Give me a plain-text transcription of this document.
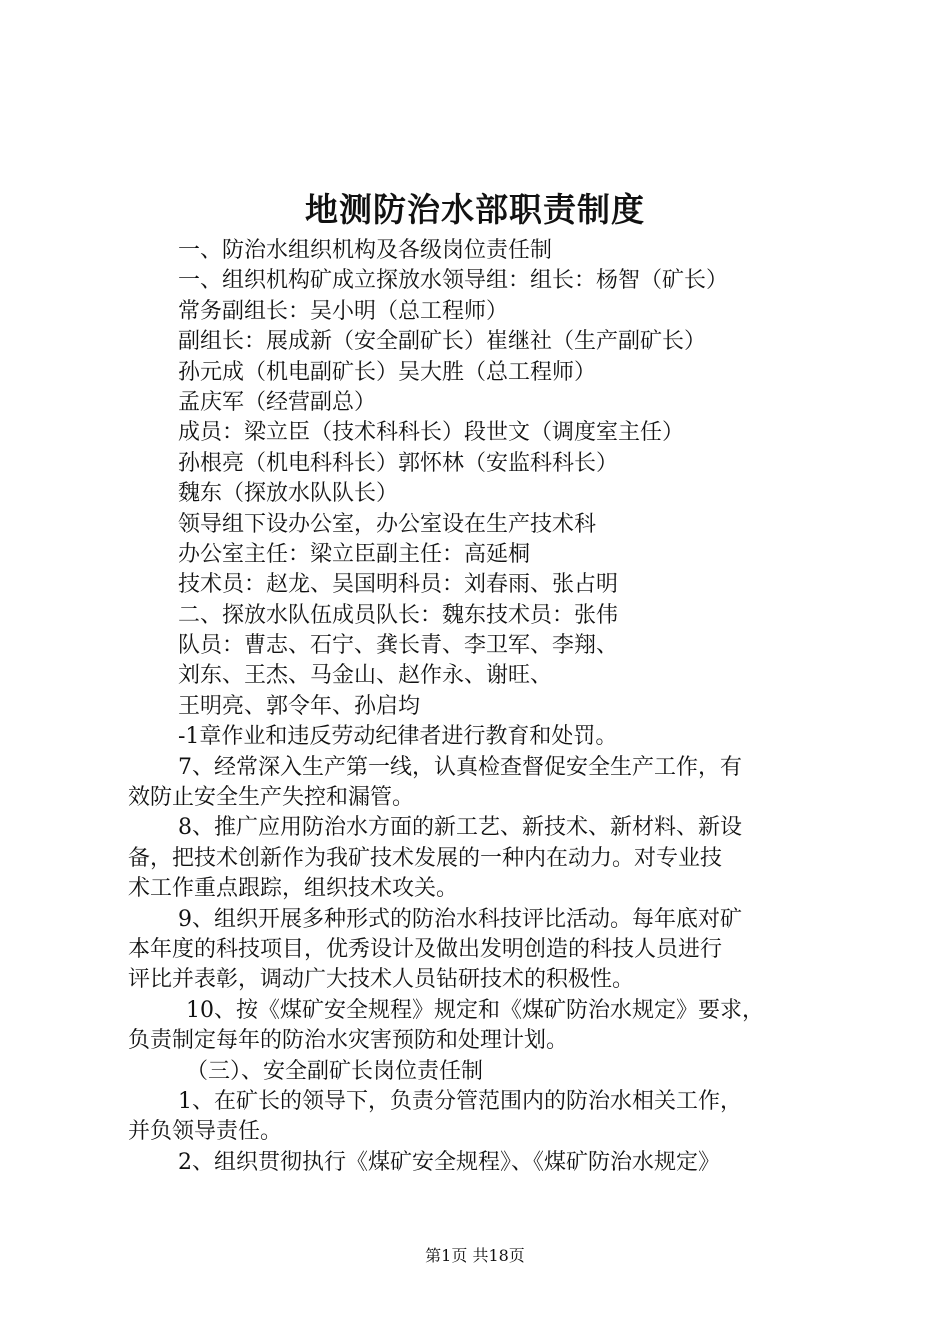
地测防治水部职责制度
一、防治水组织机构及各级岗位责任制
一、组织机构矿成立探放水领导组：组长：杨智（矿长）
常务副组长：吴小明（总工程师）
副组长：展成新（安全副矿长）崔继社（生产副矿长）
孙元成（机电副矿长）吴大胜（总工程师）
孟庆军（经营副总）
成员：梁立臣（技术科科长）段世文（调度室主任）
孙根亮（机电科科长）郭怀林（安监科科长）
魏东（探放水队队长）
领导组下设办公室，办公室设在生产技术科
办公室主任：梁立臣副主任：高延桐
技术员：赵龙、吴国明科员：刘春雨、张占明
二、探放水队伍成员队长：魏东技术员：张伟
队员：曹志、石宁、龚长青、李卫军、李翔、
刘东、王杰、马金山、赵作永、谢旺、
王明亮、郭令年、孙启均
-1章作业和违反劳动纪律者进行教育和处罚。
7、经常深入生产第一线，认真检查督促安全生产工作，有
效防止安全生产失控和漏管。
8、推广应用防治水方面的新工艺、新技术、新材料、新设
备，把技术创新作为我矿技术发展的一种内在动力。对专业技
术工作重点跟踪，组织技术攻关。
9、组织开展多种形式的防治水科技评比活动。每年底对矿
本年度的科技项目，优秀设计及做出发明创造的科技人员进行
评比并表彰，调动广大技术人员钻研技术的积极性。
10、按《煤矿安全规程》规定和《煤矿防治水规定》要求，
负责制定每年的防治水灾害预防和处理计划。
（三）、安全副矿长岗位责任制
1、在矿长的领导下，负责分管范围内的防治水相关工作，
并负领导责任。
2、组织贯彻执行《煤矿安全规程》、《煤矿防治水规定》
第1页 共18页
